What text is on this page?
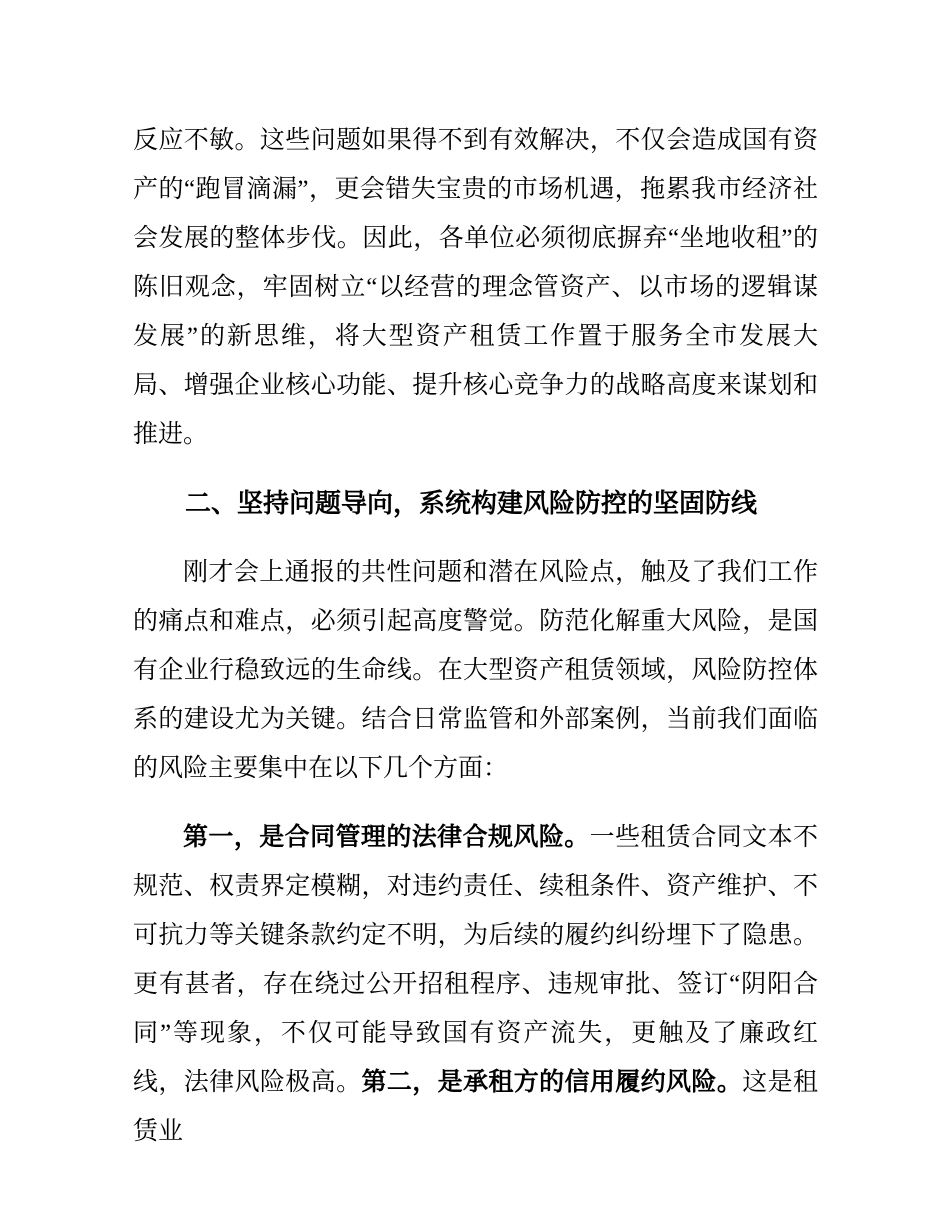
反应不敏。这些问题如果得不到有效解决，不仅会造成国有资产的“跑冒滴漏”，更会错失宝贵的市场机遇，拖累我市经济社会发展的整体步伐。因此，各单位必须彻底摒弃“坐地收租”的陈旧观念，牢固树立“以经营的理念管资产、以市场的逻辑谋发展”的新思维，将大型资产租赁工作置于服务全市发展大局、增强企业核心功能、提升核心竞争力的战略高度来谋划和推进。

二、坚持问题导向，系统构建风险防控的坚固防线

刚才会上通报的共性问题和潜在风险点，触及了我们工作的痛点和难点，必须引起高度警觉。防范化解重大风险，是国有企业行稳致远的生命线。在大型资产租赁领域，风险防控体系的建设尤为关键。结合日常监管和外部案例，当前我们面临的风险主要集中在以下几个方面：

第一，是合同管理的法律合规风险。一些租赁合同文本不规范、权责界定模糊，对违约责任、续租条件、资产维护、不可抗力等关键条款约定不明，为后续的履约纠纷埋下了隐患。更有甚者，存在绕过公开招租程序、违规审批、签订“阴阳合同”等现象，不仅可能导致国有资产流失，更触及了廉政红线，法律风险极高。第二，是承租方的信用履约风险。这是租赁业
